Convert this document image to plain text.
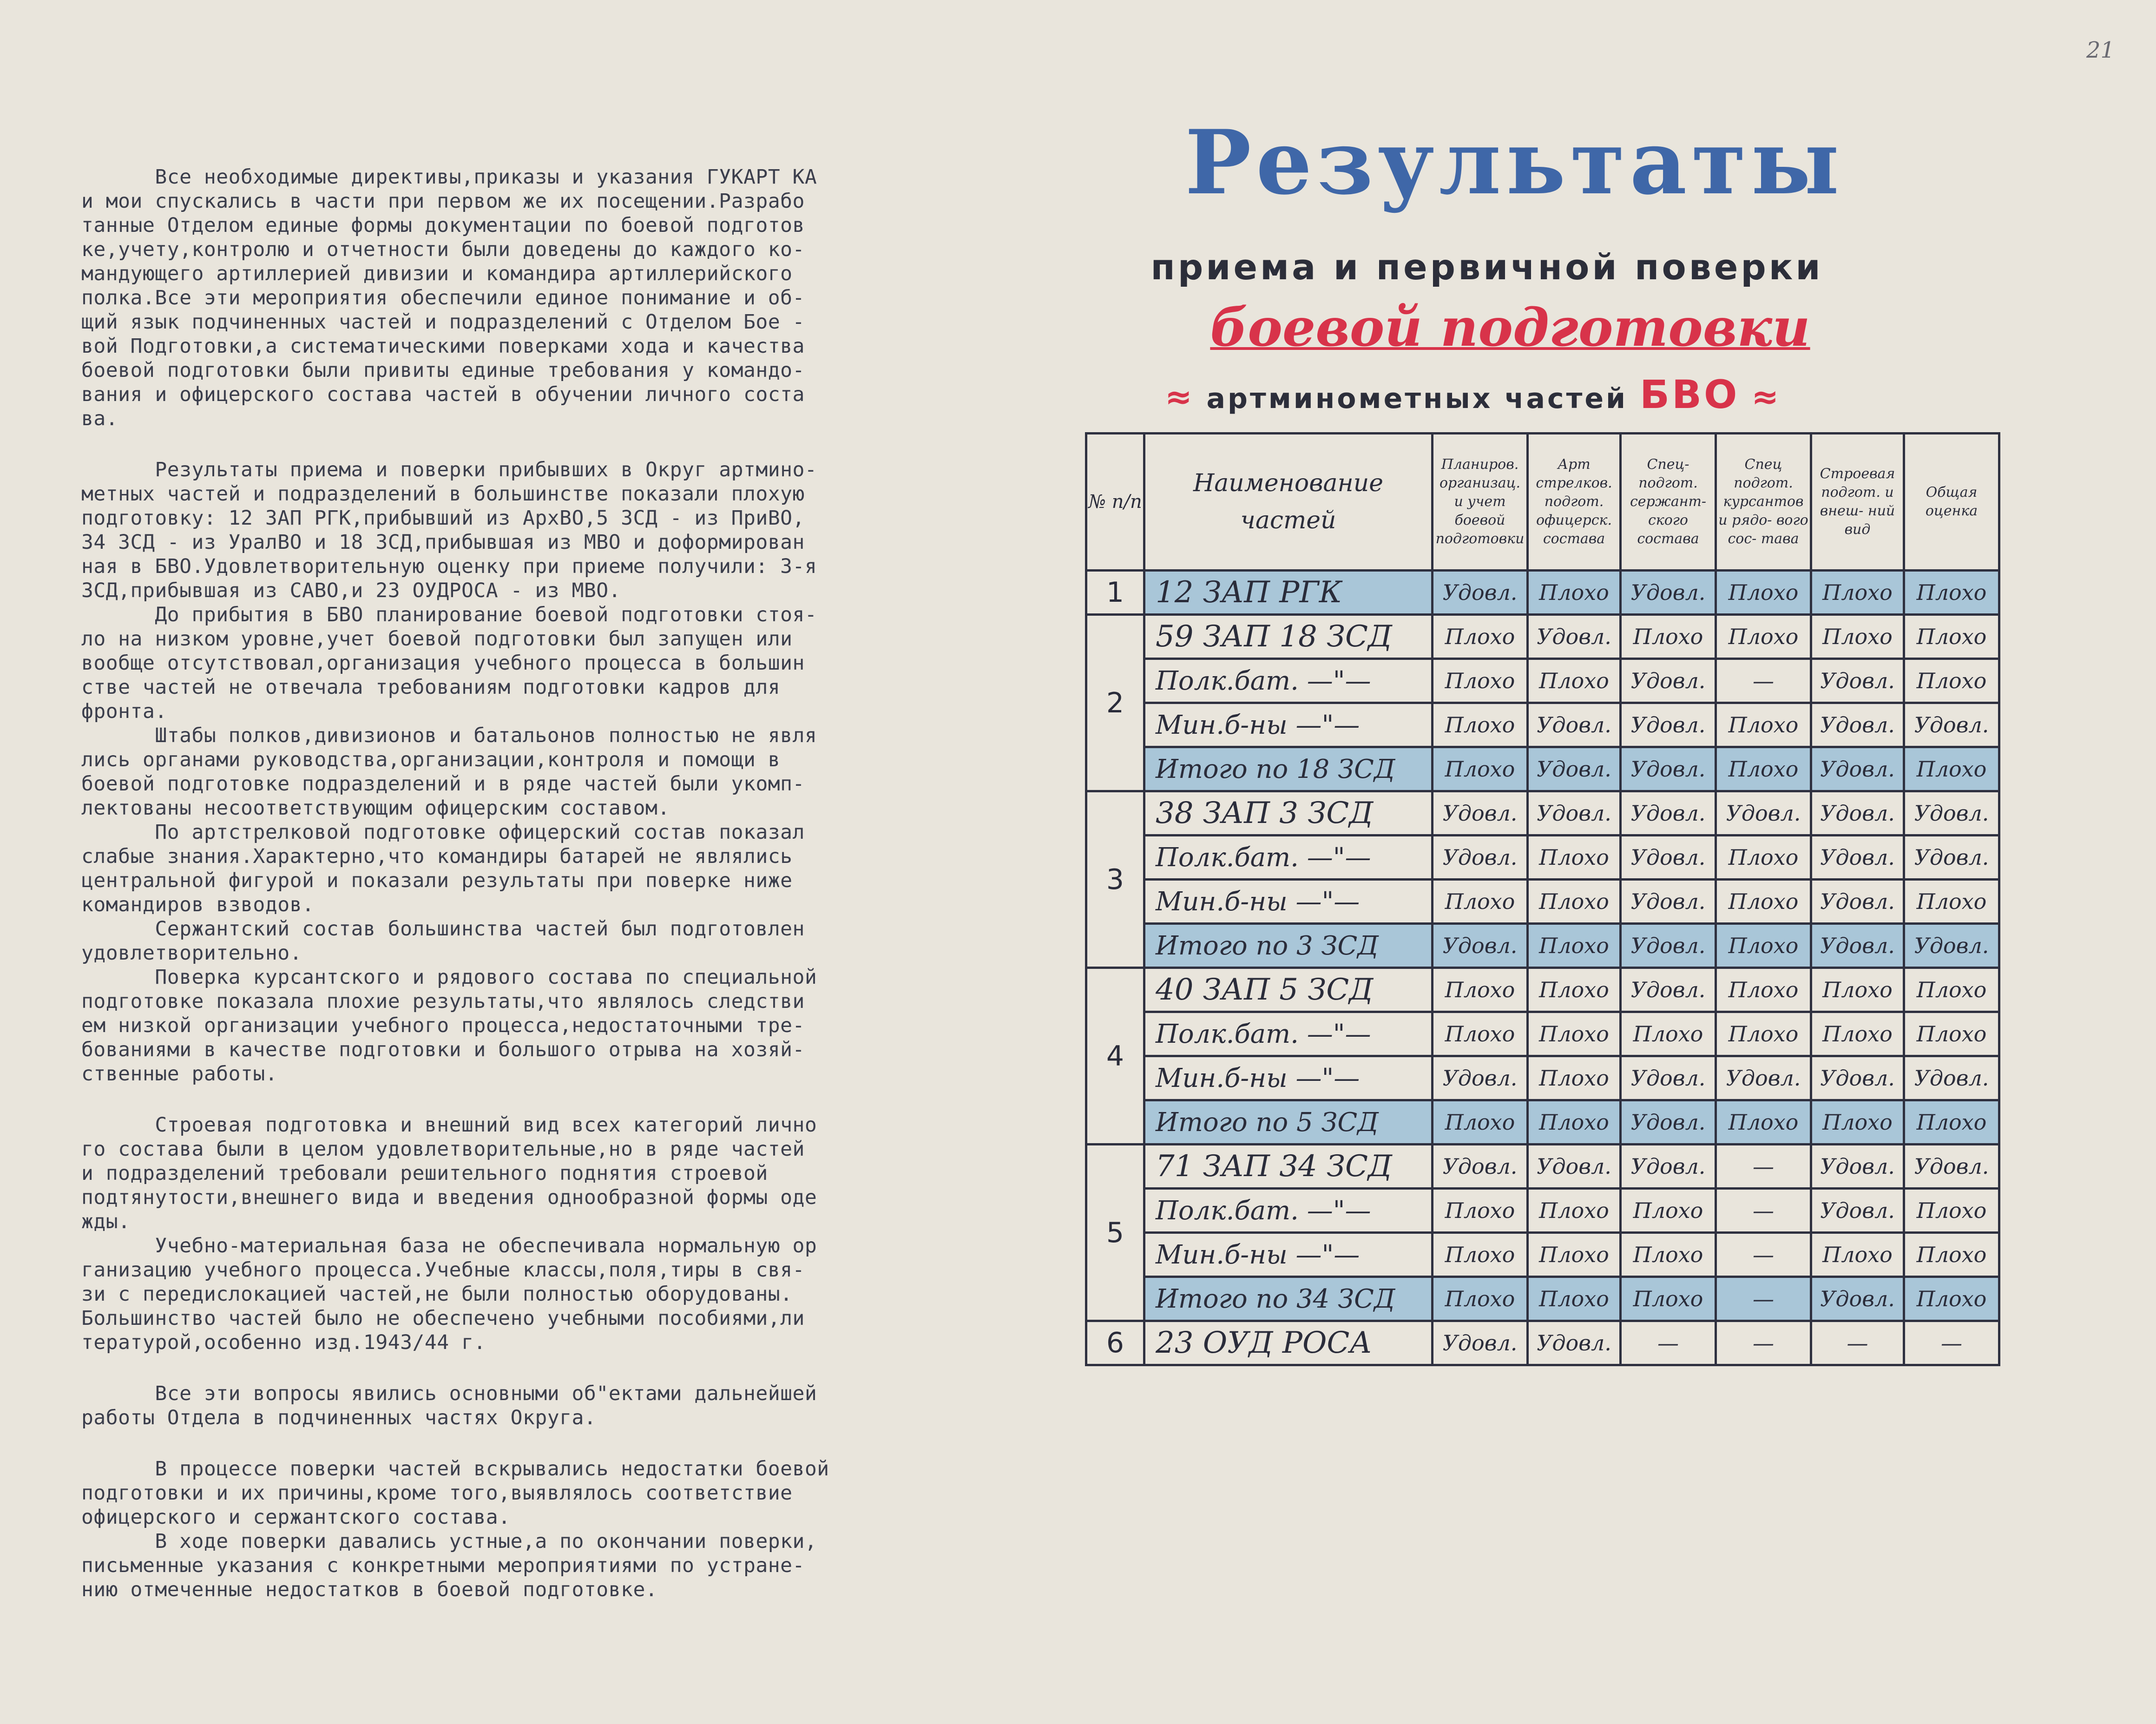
21

Все необходимые директивы,приказы и указания ГУКАРТ КА
и мои спускались в части при первом же их посещении.Разрабо
танные Отделом единые формы документации по боевой подготов
ке,учету,контролю и отчетности были доведены до каждого ко-
мандующего артиллерией дивизии и командира артиллерийского
полка.Все эти мероприятия обеспечили единое понимание и об-
щий язык подчиненных частей и подразделений с Отделом Бое -
вой Подготовки,а систематическими поверками хода и качества
боевой подготовки были привиты единые требования у командо-
вания и офицерского состава частей в обучении личного соста
ва.

Результаты приема и поверки прибывших в Округ артмино-
метных частей и подразделений в большинстве показали плохую
подготовку: 12 ЗАП РГК,прибывший из АрхВО,5 ЗСД - из ПриВО,
34 ЗСД - из УралВО и 18 ЗСД,прибывшая из МВО и доформирован
ная в БВО.Удовлетворительную оценку при приеме получили: 3-я
ЗСД,прибывшая из САВО,и 23 ОУДРОСА - из МВО.
До прибытия в БВО планирование боевой подготовки стоя-
ло на низком уровне,учет боевой подготовки был запущен или
вообще отсутствовал,организация учебного процесса в большин
стве частей не отвечала требованиям подготовки кадров для
фронта.
Штабы полков,дивизионов и батальонов полностью не явля
лись органами руководства,организации,контроля и помощи в
боевой подготовке подразделений и в ряде частей были укомп-
лектованы несоответствующим офицерским составом.
По артстрелковой подготовке офицерский состав показал
слабые знания.Характерно,что командиры батарей не являлись
центральной фигурой и показали результаты при поверке ниже
командиров взводов.
Сержантский состав большинства частей был подготовлен
удовлетворительно.
Поверка курсантского и рядового состава по специальной
подготовке показала плохие результаты,что являлось следстви
ем низкой организации учебного процесса,недостаточными тре-
бованиями в качестве подготовки и большого отрыва на хозяй-
ственные работы.

Строевая подготовка и внешний вид всех категорий лично
го состава были в целом удовлетворительные,но в ряде частей
и подразделений требовали решительного поднятия строевой
подтянутости,внешнего вида и введения однообразной формы оде
жды.
Учебно-материальная база не обеспечивала нормальную ор
ганизацию учебного процесса.Учебные классы,поля,тиры в свя-
зи с передислокацией частей,не были полностью оборудованы.
Большинство частей было не обеспечено учебными пособиями,ли
тературой,особенно изд.1943/44 г.

Все эти вопросы явились основными об"ектами дальнейшей
работы Отдела в подчиненных частях Округа.

В процессе поверки частей вскрывались недостатки боевой
подготовки и их причины,кроме того,выявлялось соответствие
офицерского и сержантского состава.
В ходе поверки давались устные,а по окончании поверки,
письменные указания с конкретными мероприятиями по устране-
нию отмеченные недостатков в боевой подготовке.

Результаты
приема и первичной поверки
боевой подготовки
≈ артминометных частей БВО ≈
№ п/п	Наименование частей	Планиров. организац. и учет боевой подготовки	Арт стрелков. подгот. офицерск. состава	Спец- подгот. сержант- ского состава	Спец подгот. курсантов и рядо- вого сос- тава	Строевая подгот. и внеш- ний вид	Общая оценка
1	12 ЗАП РГК	Удовл.	Плохо	Удовл.	Плохо	Плохо	Плохо
2	59 ЗАП 18 ЗСД	Плохо	Удовл.	Плохо	Плохо	Плохо	Плохо
	Полк.бат. —"—	Плохо	Плохо	Удовл.	—	Удовл.	Плохо
	Мин.б-ны —"—	Плохо	Удовл.	Удовл.	Плохо	Удовл.	Удовл.
	Итого по 18 ЗСД	Плохо	Удовл.	Удовл.	Плохо	Удовл.	Плохо
3	38 ЗАП 3 ЗСД	Удовл.	Удовл.	Удовл.	Удовл.	Удовл.	Удовл.
	Полк.бат. —"—	Удовл.	Плохо	Удовл.	Плохо	Удовл.	Удовл.
	Мин.б-ны —"—	Плохо	Плохо	Удовл.	Плохо	Удовл.	Плохо
	Итого по 3 ЗСД	Удовл.	Плохо	Удовл.	Плохо	Удовл.	Удовл.
4	40 ЗАП 5 ЗСД	Плохо	Плохо	Удовл.	Плохо	Плохо	Плохо
	Полк.бат. —"—	Плохо	Плохо	Плохо	Плохо	Плохо	Плохо
	Мин.б-ны —"—	Удовл.	Плохо	Удовл.	Удовл.	Удовл.	Удовл.
	Итого по 5 ЗСД	Плохо	Плохо	Удовл.	Плохо	Плохо	Плохо
5	71 ЗАП 34 ЗСД	Удовл.	Удовл.	Удовл.	—	Удовл.	Удовл.
	Полк.бат. —"—	Плохо	Плохо	Плохо	—	Удовл.	Плохо
	Мин.б-ны —"—	Плохо	Плохо	Плохо	—	Плохо	Плохо
	Итого по 34 ЗСД	Плохо	Плохо	Плохо	—	Удовл.	Плохо
6	23 ОУД РОСА	Удовл.	Удовл.	—	—	—	—
